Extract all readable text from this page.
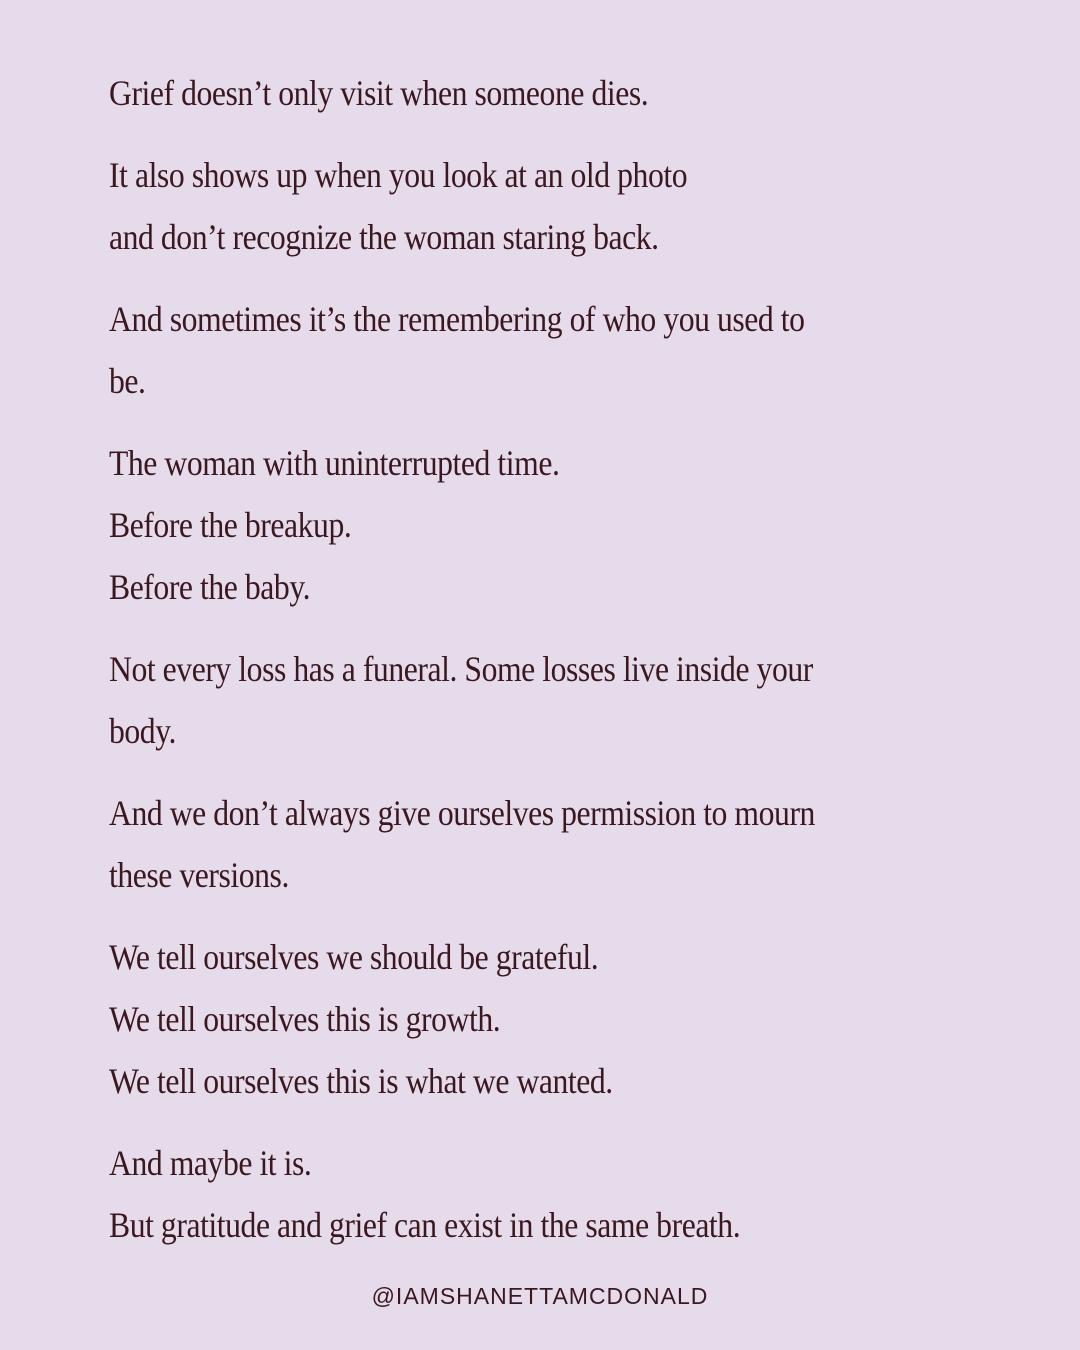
Grief doesn’t only visit when someone dies.
It also shows up when you look at an old photo
and don’t recognize the woman staring back.
And sometimes it’s the remembering of who you used to
be.
The woman with uninterrupted time.
Before the breakup.
Before the baby.
Not every loss has a funeral. Some losses live inside your
body.
And we don’t always give ourselves permission to mourn
these versions.
We tell ourselves we should be grateful.
We tell ourselves this is growth.
We tell ourselves this is what we wanted.
And maybe it is.
But gratitude and grief can exist in the same breath.
@IAMSHANETTAMCDONALD
